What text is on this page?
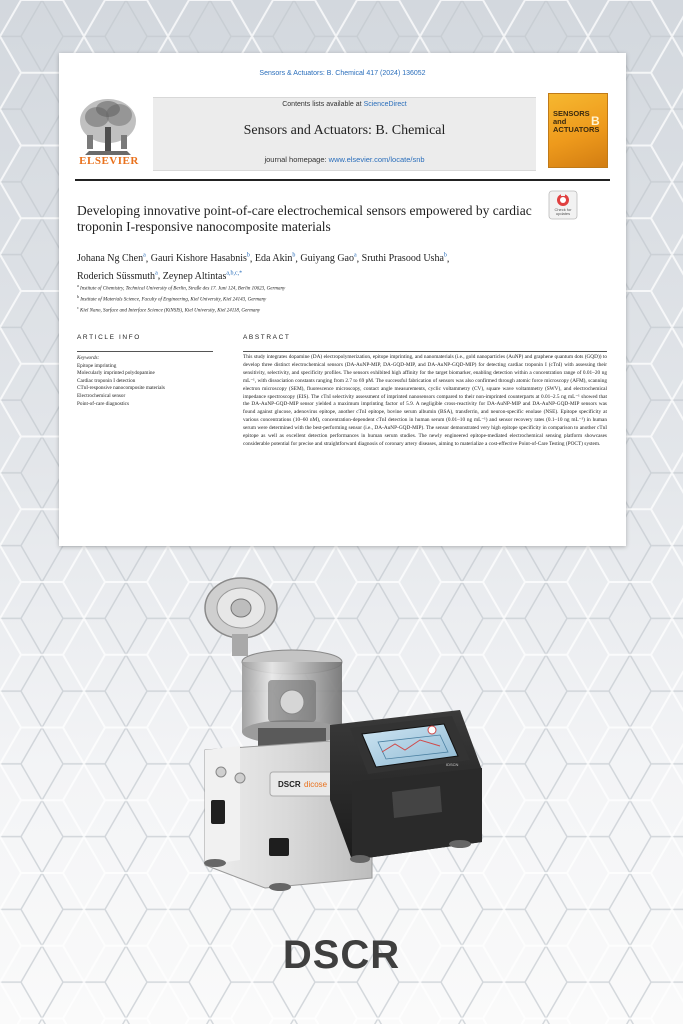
Sensors & Actuators: B. Chemical 417 (2024) 136052
ELSEVIER
Contents lists available at ScienceDirect
Sensors and Actuators: B. Chemical
journal homepage: www.elsevier.com/locate/snb
SENSORS and ACTUATORS
B
Check for updates
Developing innovative point-of-care electrochemical sensors empowered by cardiac troponin I-responsive nanocomposite materials
Johana Ng Chen$^a$, Gauri Kishore Hasabnis$^b$, Eda Akin$^b$, Guiyang Gao$^a$, Sruthi Prasood Usha$^b$,
Roderich Süssmuth$^a$, Zeynep Altintas$^{a,b,c,*}$
$^a$ Institute of Chemistry, Technical University of Berlin, Straße des 17. Juni 124, Berlin 10623, Germany
$^b$ Institute of Materials Science, Faculty of Engineering, Kiel University, Kiel 24143, Germany
$^c$ Kiel Nano, Surface and Interface Science (KiNSIS), Kiel University, Kiel 24118, Germany
ARTICLE INFO	ABSTRACT
Keywords:
Epitope imprinting
Molecularly imprinted polydopamine
Cardiac troponin I detection
CTnI-responsive nanocomposite materials
Electrochemical sensor
Point-of-care diagnostics
This study integrates dopamine (DA) electropolymerization, epitope imprinting, and nanomaterials (i.e., gold nanoparticles (AuNP) and graphene quantum dots (GQD)) to develop three distinct electrochemical sensors (DA-AuNP-MIP, DA-GQD-MIP, and DA-AuNP-GQD-MIP) for detecting cardiac troponin I (cTnI) with assessing their sensitivity, selectivity, and specificity profiles. The sensors exhibited high affinity for the target biomarker, enabling detection within a concentration range of 0.01–20 ng mL⁻¹, with dissociation constants ranging from 2.7 to 69 pM. The successful fabrication of sensors was also confirmed through atomic force microscopy (AFM), scanning electron microscopy (SEM), fluorescence microscopy, contact angle measurements, cyclic voltammetry (CV), square wave voltammetry (SWV), and electrochemical impedance spectroscopy (EIS). The cTnI selectivity assessment of imprinted nanosensors compared to their non-imprinted counterparts at 0.01–2.5 ng mL⁻¹ showed that the DA-AuNP-GQD-MIP sensor yielded a maximum imprinting factor of 5.9. A negligible cross-reactivity for DA-AuNP-MIP and DA-AuNP-GQD-MIP sensors was found against glucose, adenovirus epitope, another cTnI epitope, bovine serum albumin (BSA), transferrin, and neuron-specific enolase (NSE). Epitope specificity at various concentrations (10–60 nM), concentration-dependent cTnI detection in human serum (0.01–10 ng mL⁻¹) and sensor recovery rates (0.1–10 ng mL⁻¹) in human serum were determined with the best-performing sensor (i.e., DA-AuNP-GQD-MIP). The sensor demonstrated very high epitope specificity in comparison to another cTnI epitope as well as excellent detection performances in human serum studies. The newly engineered epitope-mediated electrochemical sensing platform showcases considerable potential for precise and straightforward diagnosis of coronary artery diseases, aiming to materialize a cost-effective Point-of-Care Testing (POCT) system.
DSCR dicose
IDSCN
DSCR
